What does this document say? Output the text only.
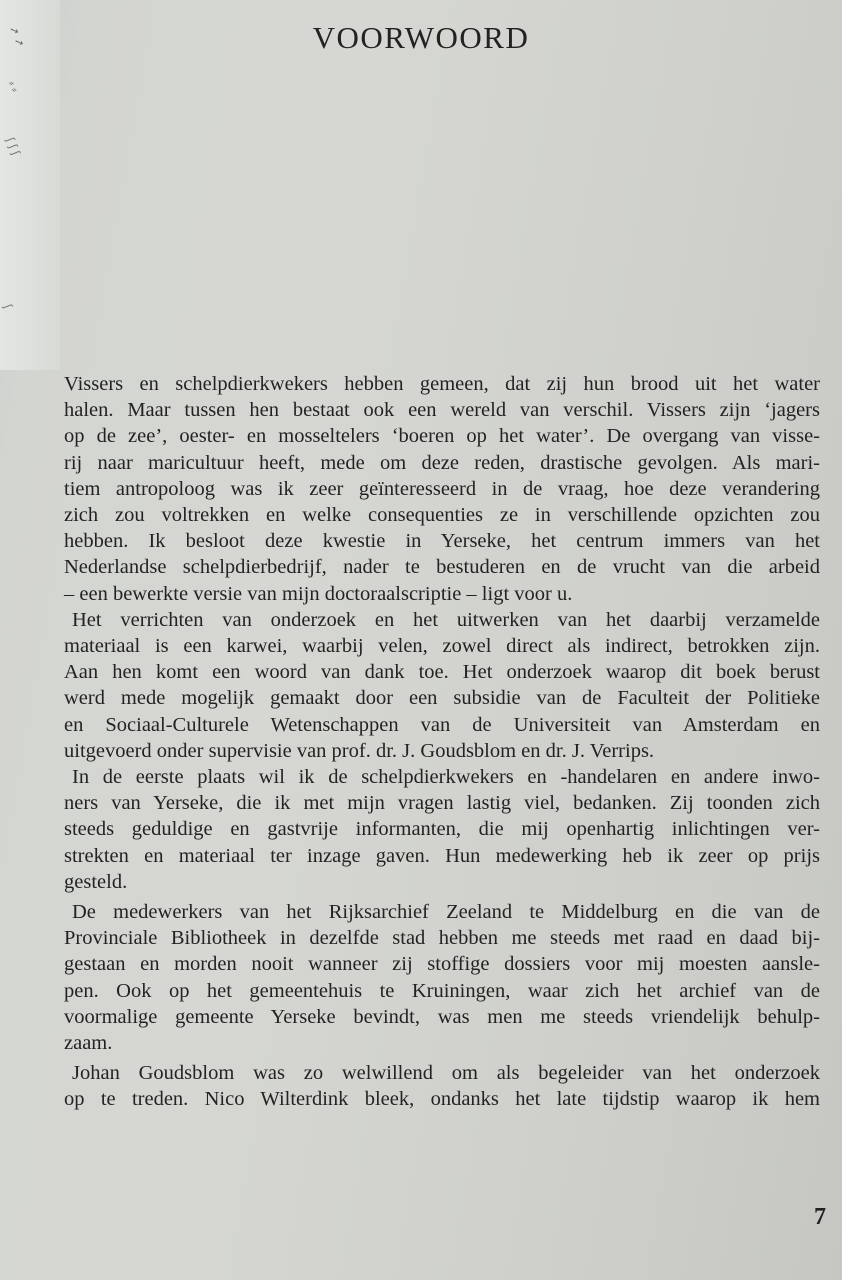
➚ ➚
⸗ ⸗
ʃ ʃ ʃ
ʃ
VOORWOORD

Vissers en schelpdierkwekers hebben gemeen, dat zij hun brood uit het water
halen. Maar tussen hen bestaat ook een wereld van verschil. Vissers zijn ‘jagers
op de zee’, oester- en mosseltelers ‘boeren op het water’. De overgang van visse-
rij naar maricultuur heeft, mede om deze reden, drastische gevolgen. Als mari-
tiem antropoloog was ik zeer geïnteresseerd in de vraag, hoe deze verandering
zich zou voltrekken en welke consequenties ze in verschillende opzichten zou
hebben. Ik besloot deze kwestie in Yerseke, het centrum immers van het
Nederlandse schelpdierbedrijf, nader te bestuderen en de vrucht van die arbeid
– een bewerkte versie van mijn doctoraalscriptie – ligt voor u.

Het verrichten van onderzoek en het uitwerken van het daarbij verzamelde
materiaal is een karwei, waarbij velen, zowel direct als indirect, betrokken zijn.
Aan hen komt een woord van dank toe. Het onderzoek waarop dit boek berust
werd mede mogelijk gemaakt door een subsidie van de Faculteit der Politieke
en Sociaal-Culturele Wetenschappen van de Universiteit van Amsterdam en
uitgevoerd onder supervisie van prof. dr. J. Goudsblom en dr. J. Verrips.

In de eerste plaats wil ik de schelpdierkwekers en -handelaren en andere inwo-
ners van Yerseke, die ik met mijn vragen lastig viel, bedanken. Zij toonden zich
steeds geduldige en gastvrije informanten, die mij openhartig inlichtingen ver-
strekten en materiaal ter inzage gaven. Hun medewerking heb ik zeer op prijs
gesteld.

De medewerkers van het Rijksarchief Zeeland te Middelburg en die van de
Provinciale Bibliotheek in dezelfde stad hebben me steeds met raad en daad bij-
gestaan en morden nooit wanneer zij stoffige dossiers voor mij moesten aansle-
pen. Ook op het gemeentehuis te Kruiningen, waar zich het archief van de
voormalige gemeente Yerseke bevindt, was men me steeds vriendelijk behulp-
zaam.

Johan Goudsblom was zo welwillend om als begeleider van het onderzoek
op te treden. Nico Wilterdink bleek, ondanks het late tijdstip waarop ik hem

7
